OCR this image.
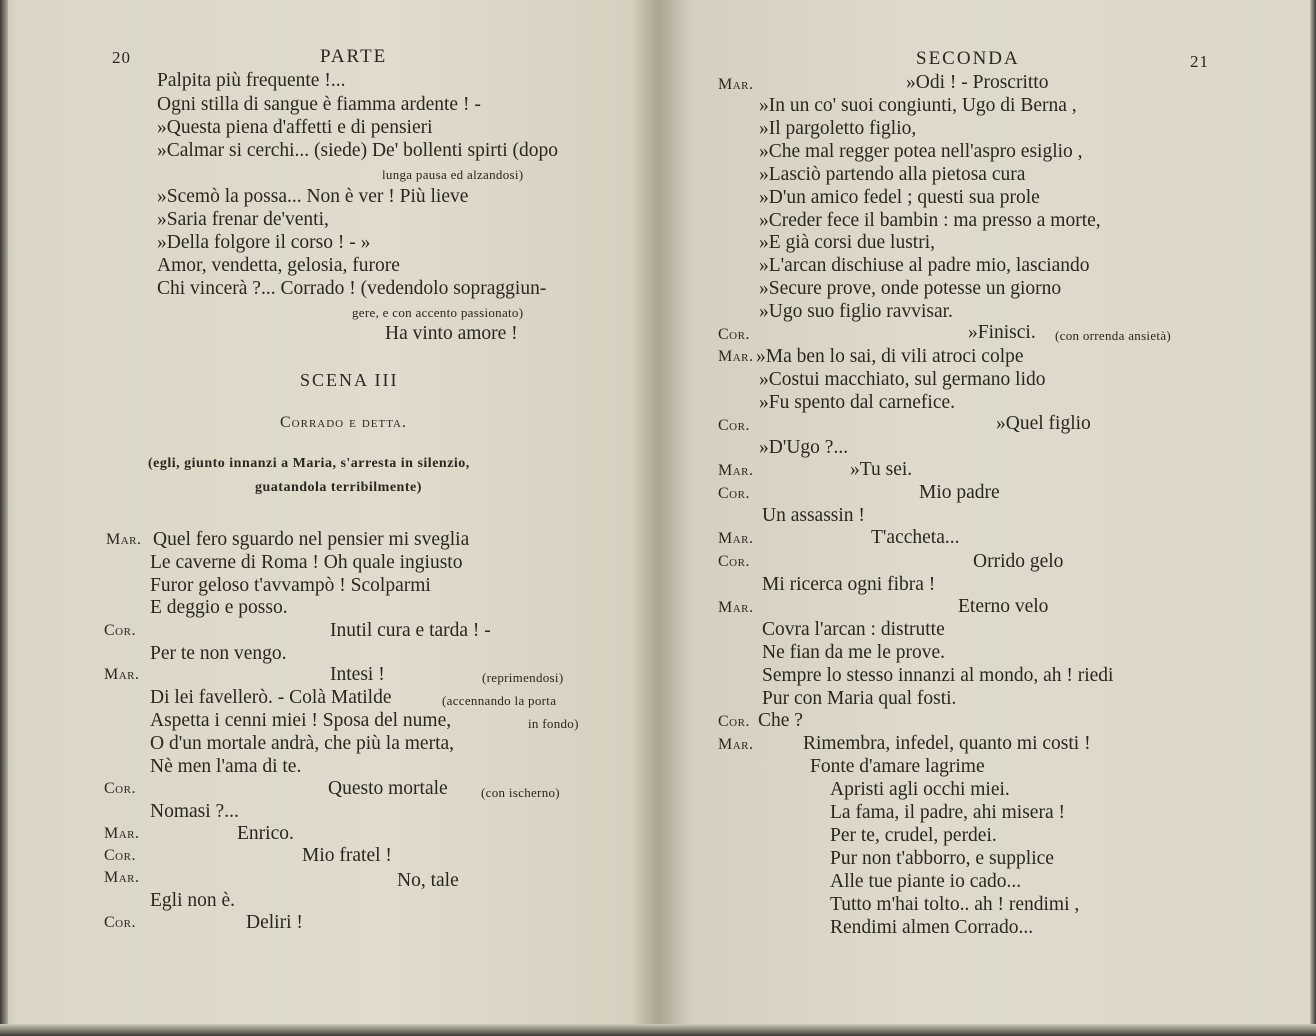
20	PARTE
Palpita più frequente !...
Ogni stilla di sangue è fiamma ardente ! -
»Questa piena d'affetti e di pensieri
»Calmar si cerchi... (siede) De' bollenti spirti (dopo
lunga pausa ed alzandosi)
»Scemò la possa... Non è ver ! Più lieve
»Saria frenar de'venti,
»Della folgore il corso ! - »
Amor, vendetta, gelosia, furore
Chi vincerà ?... Corrado ! (vedendolo sopraggiun-
gere, e con accento passionato)
Ha vinto amore !
SCENA III
Corrado e detta.
(egli, giunto innanzi a Maria, s'arresta in silenzio,
guatandola terribilmente)
Mar. Quel fero sguardo nel pensier mi sveglia
Le caverne di Roma ! Oh quale ingiusto
Furor geloso t'avvampò ! Scolparmi
E deggio e posso.
Cor.	Inutil cura e tarda ! -
Per te non vengo.
Mar.	Intesi !	(reprimendosi)
Di lei favellerò. - Colà Matilde	(accennando la porta
Aspetta i cenni miei ! Sposa del nume,	in fondo)
O d'un mortale andrà, che più la merta,
Nè men l'ama di te.
Cor.	Questo mortale	(con ischerno)
Nomasi ?...
Mar.	Enrico.
Cor.	Mio fratel !
Mar.	No, tale
Egli non è.
Cor.	Deliri !
SECONDA	21
Mar.	»Odi ! - Proscritto
»In un co' suoi congiunti, Ugo di Berna ,
»Il pargoletto figlio,
»Che mal regger potea nell'aspro esiglio ,
»Lasciò partendo alla pietosa cura
»D'un amico fedel ; questi sua prole
»Creder fece il bambin : ma presso a morte,
»E già corsi due lustri,
»L'arcan dischiuse al padre mio, lasciando
»Secure prove, onde potesse un giorno
»Ugo suo figlio ravvisar.
Cor.	»Finisci. (con orrenda ansietà)
Mar. »Ma ben lo sai, di vili atroci colpe
»Costui macchiato, sul germano lido
»Fu spento dal carnefice.
Cor.	»Quel figlio
»D'Ugo ?...
Mar.	»Tu sei.
Cor.	Mio padre
Un assassin !
Mar.	T'accheta...
Cor.	Orrido gelo
Mi ricerca ogni fibra !
Mar.	Eterno velo
Covra l'arcan : distrutte
Ne fian da me le prove.
Sempre lo stesso innanzi al mondo, ah ! riedi
Pur con Maria qual fosti.
Cor. Che ?
Mar.	Rimembra, infedel, quanto mi costi !
Fonte d'amare lagrime
Apristi agli occhi miei.
La fama, il padre, ahi misera !
Per te, crudel, perdei.
Pur non t'abborro, e supplice
Alle tue piante io cado...
Tutto m'hai tolto.. ah ! rendimi ,
Rendimi almen Corrado...
